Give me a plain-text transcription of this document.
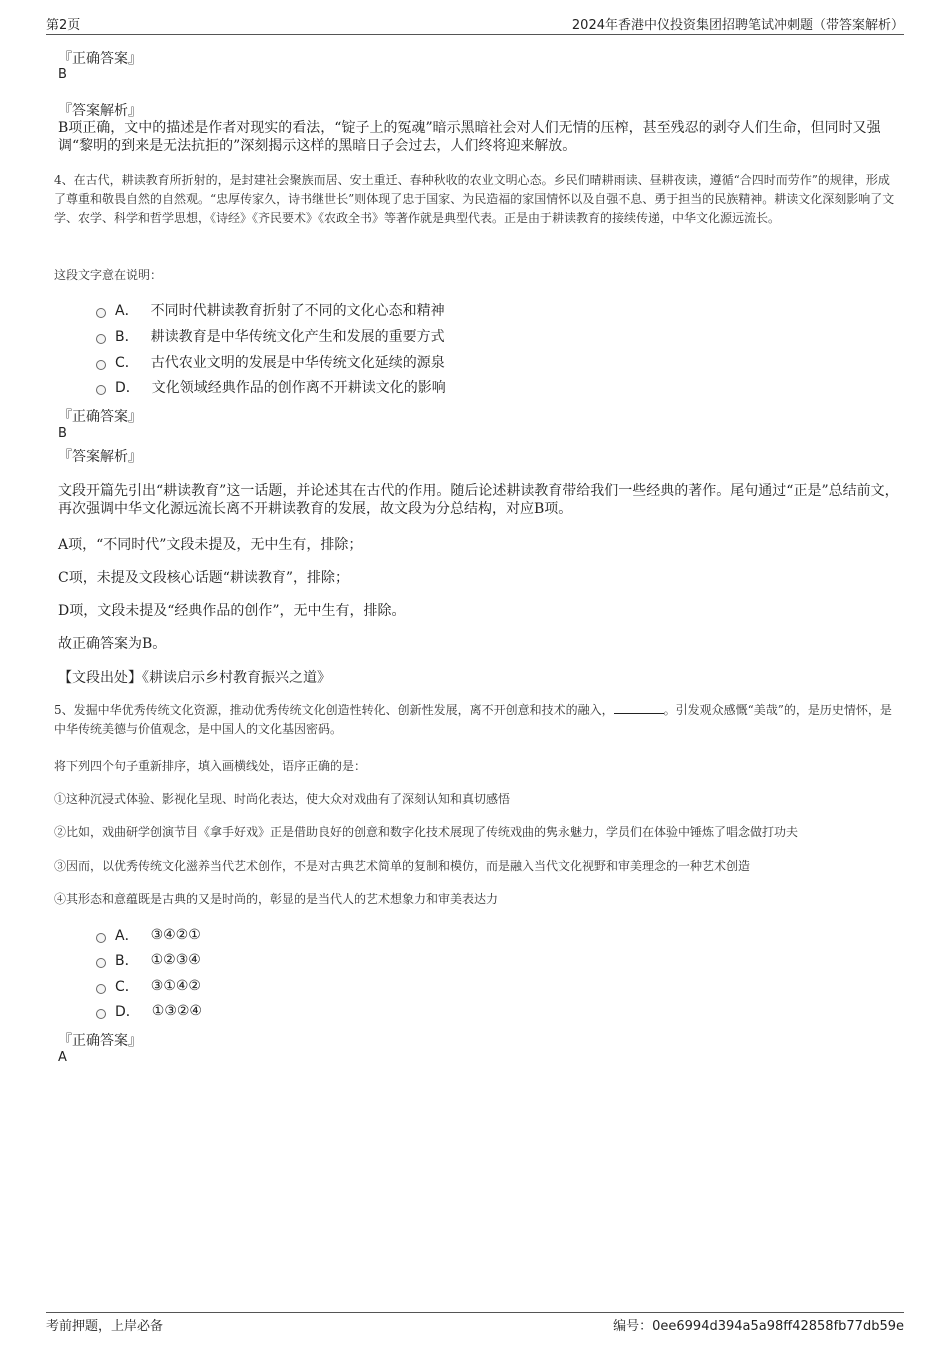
第2页	2024年香港中仪投资集团招聘笔试冲刺题（带答案解析）
『正确答案』
B
『答案解析』
B项正确，文中的描述是作者对现实的看法，“锭子上的冤魂”暗示黑暗社会对人们无情的压榨，甚至残忍的剥夺人们生命，但同时又强调“黎明的到来是无法抗拒的”深刻揭示这样的黑暗日子会过去，人们终将迎来解放。
4、在古代，耕读教育所折射的，是封建社会聚族而居、安土重迁、春种秋收的农业文明心态。乡民们晴耕雨读、昼耕夜读，遵循“合四时而劳作”的规律，形成了尊重和敬畏自然的自然观。“忠厚传家久，诗书继世长”则体现了忠于国家、为民造福的家国情怀以及自强不息、勇于担当的民族精神。耕读文化深刻影响了文学、农学、科学和哲学思想，《诗经》《齐民要术》《农政全书》等著作就是典型代表。正是由于耕读教育的接续传递，中华文化源远流长。
这段文字意在说明：
A． 不同时代耕读教育折射了不同的文化心态和精神
B． 耕读教育是中华传统文化产生和发展的重要方式
C． 古代农业文明的发展是中华传统文化延续的源泉
D． 文化领域经典作品的创作离不开耕读文化的影响
『正确答案』
B
『答案解析』
文段开篇先引出“耕读教育”这一话题，并论述其在古代的作用。随后论述耕读教育带给我们一些经典的著作。尾句通过“正是”总结前文，再次强调中华文化源远流长离不开耕读教育的发展，故文段为分总结构，对应B项。
A项，“不同时代”文段未提及，无中生有，排除；
C项，未提及文段核心话题“耕读教育”，排除；
D项，文段未提及“经典作品的创作”，无中生有，排除。
故正确答案为B。
【文段出处】《耕读启示乡村教育振兴之道》
5、发掘中华优秀传统文化资源，推动优秀传统文化创造性转化、创新性发展，离不开创意和技术的融入，	。引发观众感慨“美哉”的，是历史情怀，是中华传统美德与价值观念，是中国人的文化基因密码。
将下列四个句子重新排序，填入画横线处，语序正确的是：
①这种沉浸式体验、影视化呈现、时尚化表达，使大众对戏曲有了深刻认知和真切感悟
②比如，戏曲研学创演节目《拿手好戏》正是借助良好的创意和数字化技术展现了传统戏曲的隽永魅力，学员们在体验中锤炼了唱念做打功夫
③因而，以优秀传统文化滋养当代艺术创作，不是对古典艺术简单的复制和模仿，而是融入当代文化视野和审美理念的一种艺术创造
④其形态和意蕴既是古典的又是时尚的，彰显的是当代人的艺术想象力和审美表达力
A． ③④②①
B． ①②③④
C． ③①④②
D． ①③②④
『正确答案』
A
考前押题，上岸必备	编号：0ee6994d394a5a98ff42858fb77db59e
